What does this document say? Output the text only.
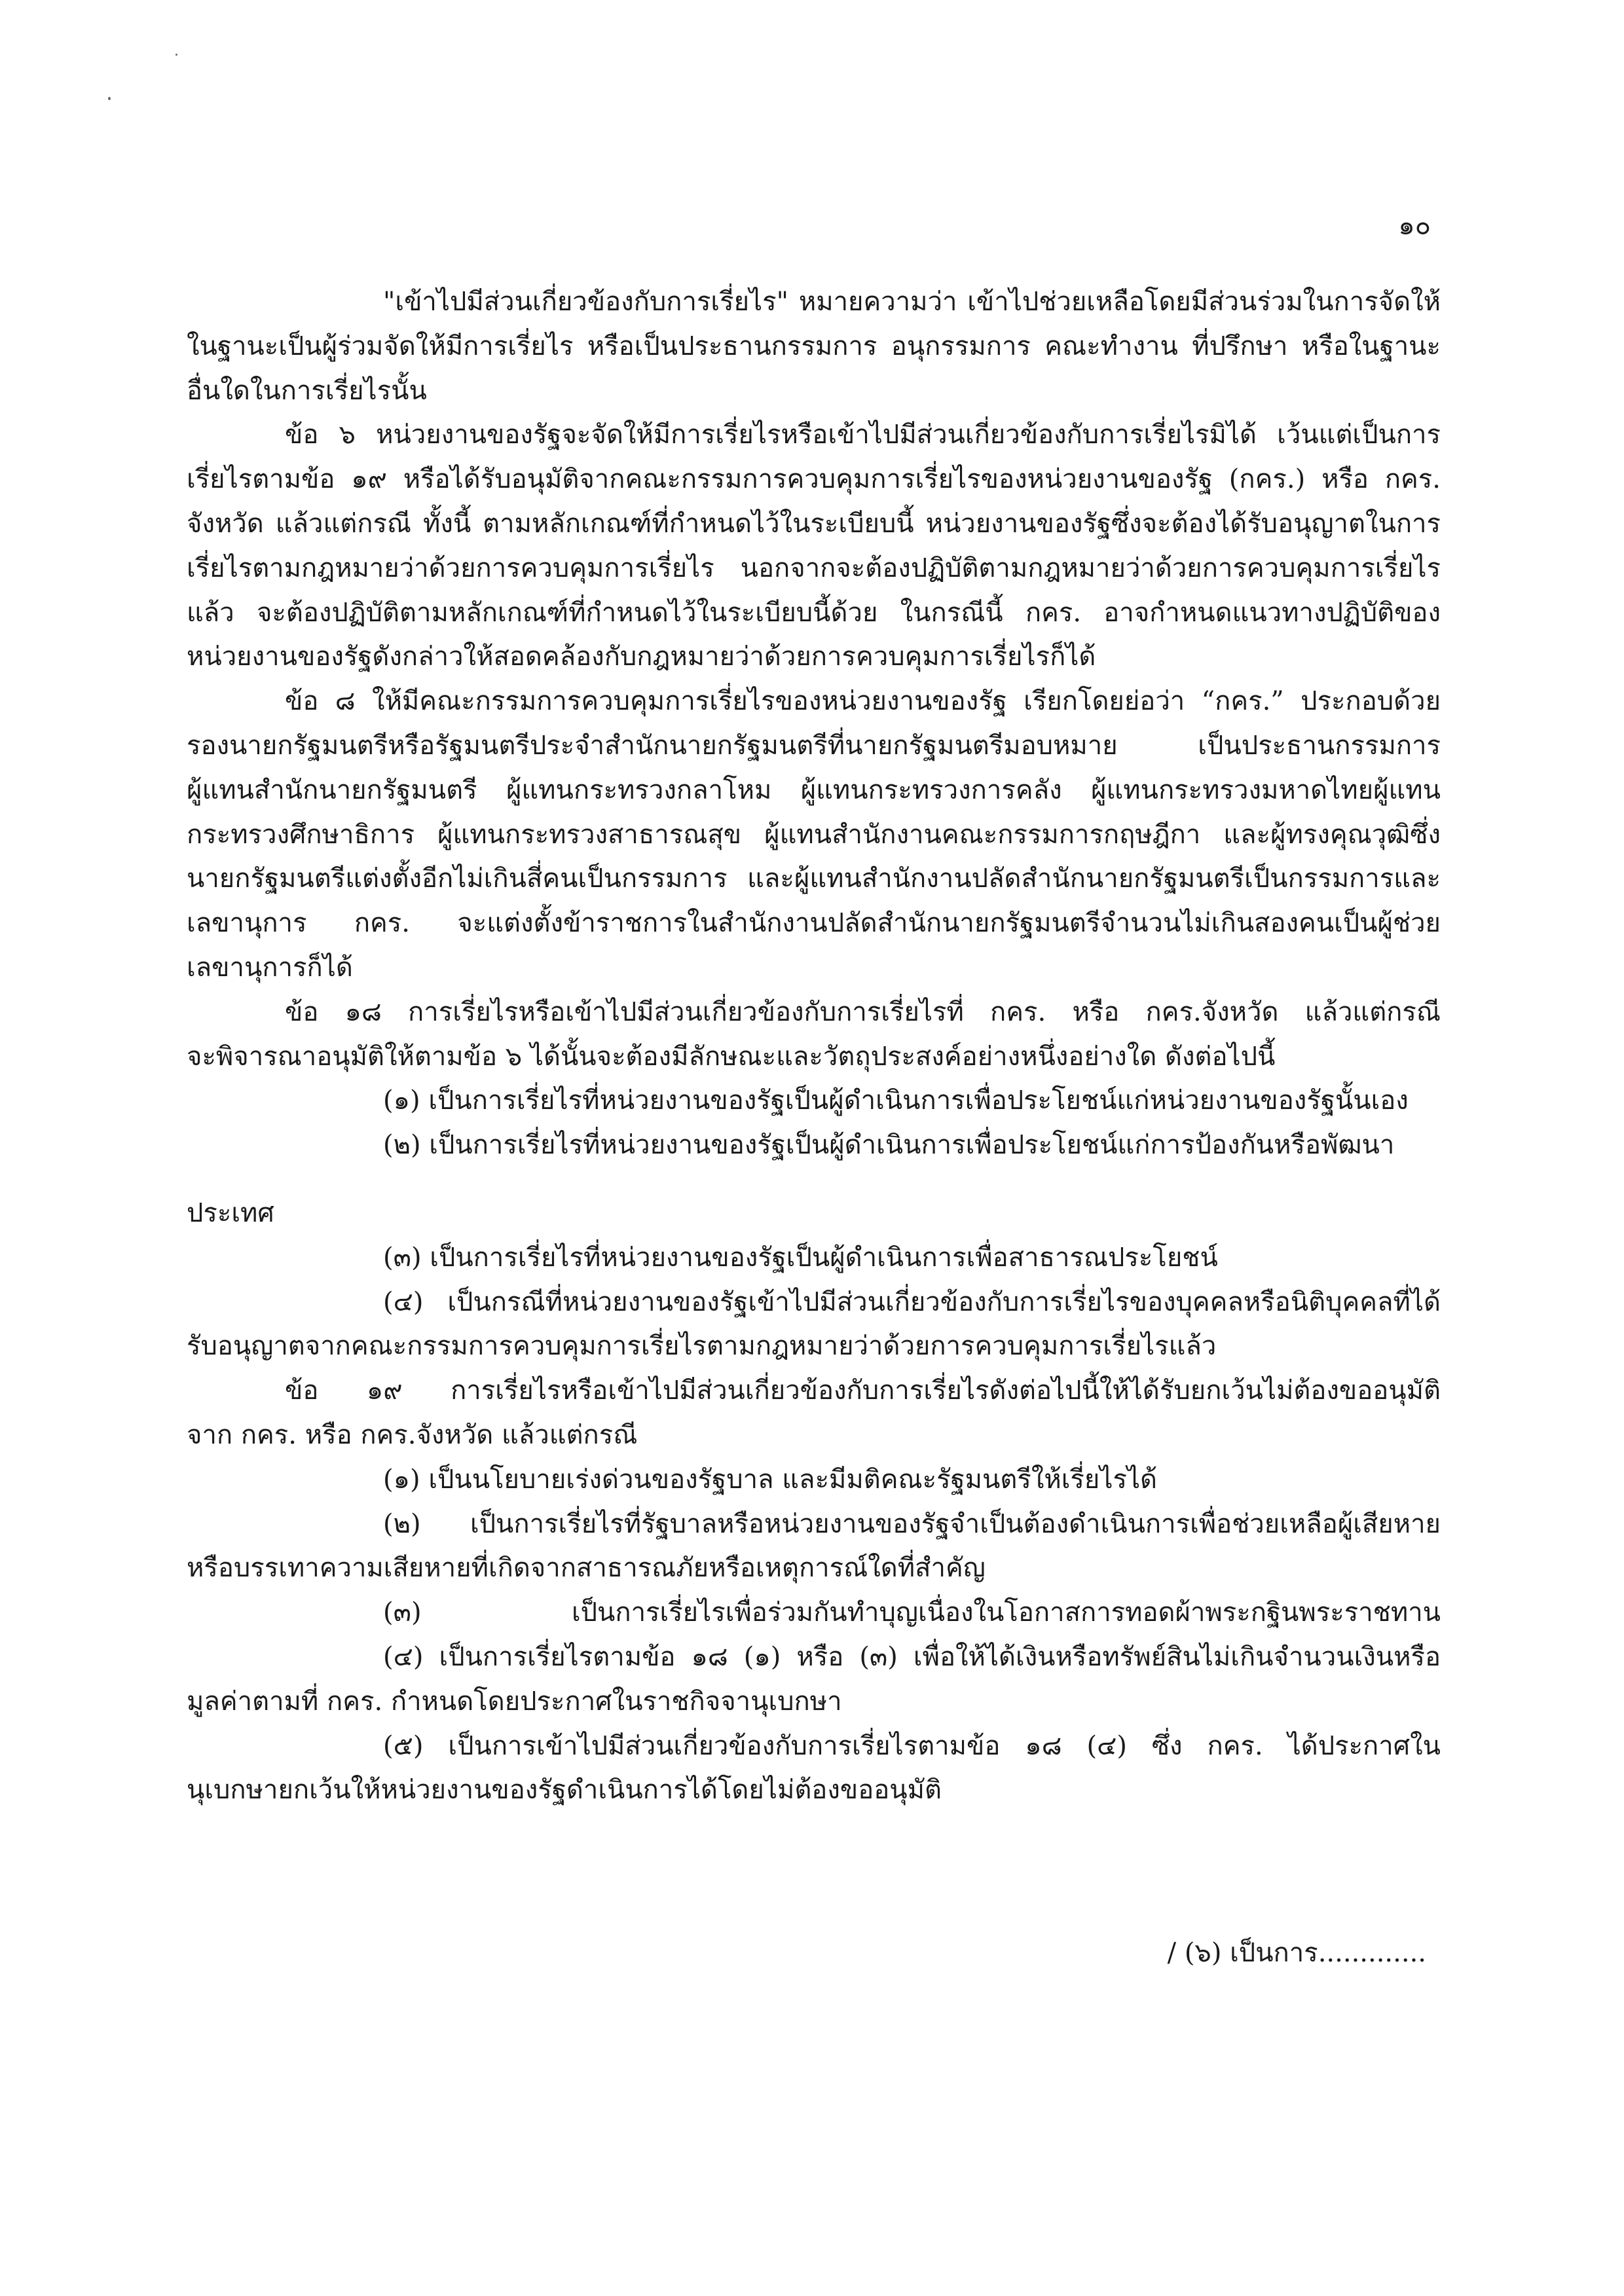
๑๐
"เข้าไปมีส่วนเกี่ยวข้องกับการเรี่ยไร" หมายความว่า เข้าไปช่วยเหลือโดยมีส่วนร่วมในการจัดให้
ในฐานะเป็นผู้ร่วมจัดให้มีการเรี่ยไร หรือเป็นประธานกรรมการ อนุกรรมการ คณะทำงาน ที่ปรึกษา หรือในฐานะ
อื่นใดในการเรี่ยไรนั้น
ข้อ ๖ หน่วยงานของรัฐจะจัดให้มีการเรี่ยไรหรือเข้าไปมีส่วนเกี่ยวข้องกับการเรี่ยไรมิได้ เว้นแต่เป็นการ
เรี่ยไรตามข้อ ๑๙ หรือได้รับอนุมัติจากคณะกรรมการควบคุมการเรี่ยไรของหน่วยงานของรัฐ (กคร.) หรือ กคร.
จังหวัด แล้วแต่กรณี ทั้งนี้ ตามหลักเกณฑ์ที่กำหนดไว้ในระเบียบนี้ หน่วยงานของรัฐซึ่งจะต้องได้รับอนุญาตในการ
เรี่ยไรตามกฎหมายว่าด้วยการควบคุมการเรี่ยไร นอกจากจะต้องปฏิบัติตามกฎหมายว่าด้วยการควบคุมการเรี่ยไร
แล้ว จะต้องปฏิบัติตามหลักเกณฑ์ที่กำหนดไว้ในระเบียบนี้ด้วย ในกรณีนี้ กคร. อาจกำหนดแนวทางปฏิบัติของ
หน่วยงานของรัฐดังกล่าวให้สอดคล้องกับกฎหมายว่าด้วยการควบคุมการเรี่ยไรก็ได้
ข้อ ๘ ให้มีคณะกรรมการควบคุมการเรี่ยไรของหน่วยงานของรัฐ เรียกโดยย่อว่า “กคร.” ประกอบด้วย
รองนายกรัฐมนตรีหรือรัฐมนตรีประจำสำนักนายกรัฐมนตรีที่นายกรัฐมนตรีมอบหมาย เป็นประธานกรรมการ
ผู้แทนสำนักนายกรัฐมนตรี ผู้แทนกระทรวงกลาโหม ผู้แทนกระทรวงการคลัง ผู้แทนกระทรวงมหาดไทยผู้แทน
กระทรวงศึกษาธิการ ผู้แทนกระทรวงสาธารณสุข ผู้แทนสำนักงานคณะกรรมการกฤษฎีกา และผู้ทรงคุณวุฒิซึ่ง
นายกรัฐมนตรีแต่งตั้งอีกไม่เกินสี่คนเป็นกรรมการ และผู้แทนสำนักงานปลัดสำนักนายกรัฐมนตรีเป็นกรรมการและ
เลขานุการ กคร. จะแต่งตั้งข้าราชการในสำนักงานปลัดสำนักนายกรัฐมนตรีจำนวนไม่เกินสองคนเป็นผู้ช่วย
เลขานุการก็ได้
ข้อ ๑๘ การเรี่ยไรหรือเข้าไปมีส่วนเกี่ยวข้องกับการเรี่ยไรที่ กคร. หรือ กคร.จังหวัด แล้วแต่กรณี
จะพิจารณาอนุมัติให้ตามข้อ ๖ ได้นั้นจะต้องมีลักษณะและวัตถุประสงค์อย่างหนึ่งอย่างใด ดังต่อไปนี้
(๑) เป็นการเรี่ยไรที่หน่วยงานของรัฐเป็นผู้ดำเนินการเพื่อประโยชน์แก่หน่วยงานของรัฐนั้นเอง
(๒) เป็นการเรี่ยไรที่หน่วยงานของรัฐเป็นผู้ดำเนินการเพื่อประโยชน์แก่การป้องกันหรือพัฒนา
ประเทศ
(๓) เป็นการเรี่ยไรที่หน่วยงานของรัฐเป็นผู้ดำเนินการเพื่อสาธารณประโยชน์
(๔) เป็นกรณีที่หน่วยงานของรัฐเข้าไปมีส่วนเกี่ยวข้องกับการเรี่ยไรของบุคคลหรือนิติบุคคลที่ได้
รับอนุญาตจากคณะกรรมการควบคุมการเรี่ยไรตามกฎหมายว่าด้วยการควบคุมการเรี่ยไรแล้ว
ข้อ ๑๙ การเรี่ยไรหรือเข้าไปมีส่วนเกี่ยวข้องกับการเรี่ยไรดังต่อไปนี้ให้ได้รับยกเว้นไม่ต้องขออนุมัติ
จาก กคร. หรือ กคร.จังหวัด แล้วแต่กรณี
(๑) เป็นนโยบายเร่งด่วนของรัฐบาล และมีมติคณะรัฐมนตรีให้เรี่ยไรได้
(๒) เป็นการเรี่ยไรที่รัฐบาลหรือหน่วยงานของรัฐจำเป็นต้องดำเนินการเพื่อช่วยเหลือผู้เสียหาย
หรือบรรเทาความเสียหายที่เกิดจากสาธารณภัยหรือเหตุการณ์ใดที่สำคัญ
(๓) เป็นการเรี่ยไรเพื่อร่วมกันทำบุญเนื่องในโอกาสการทอดผ้าพระกฐินพระราชทาน
(๔) เป็นการเรี่ยไรตามข้อ ๑๘ (๑) หรือ (๓) เพื่อให้ได้เงินหรือทรัพย์สินไม่เกินจำนวนเงินหรือ
มูลค่าตามที่ กคร. กำหนดโดยประกาศในราชกิจจานุเบกษา
(๕) เป็นการเข้าไปมีส่วนเกี่ยวข้องกับการเรี่ยไรตามข้อ ๑๘ (๔) ซึ่ง กคร. ได้ประกาศใน
นุเบกษายกเว้นให้หน่วยงานของรัฐดำเนินการได้โดยไม่ต้องขออนุมัติ
/ (๖) เป็นการ.............
